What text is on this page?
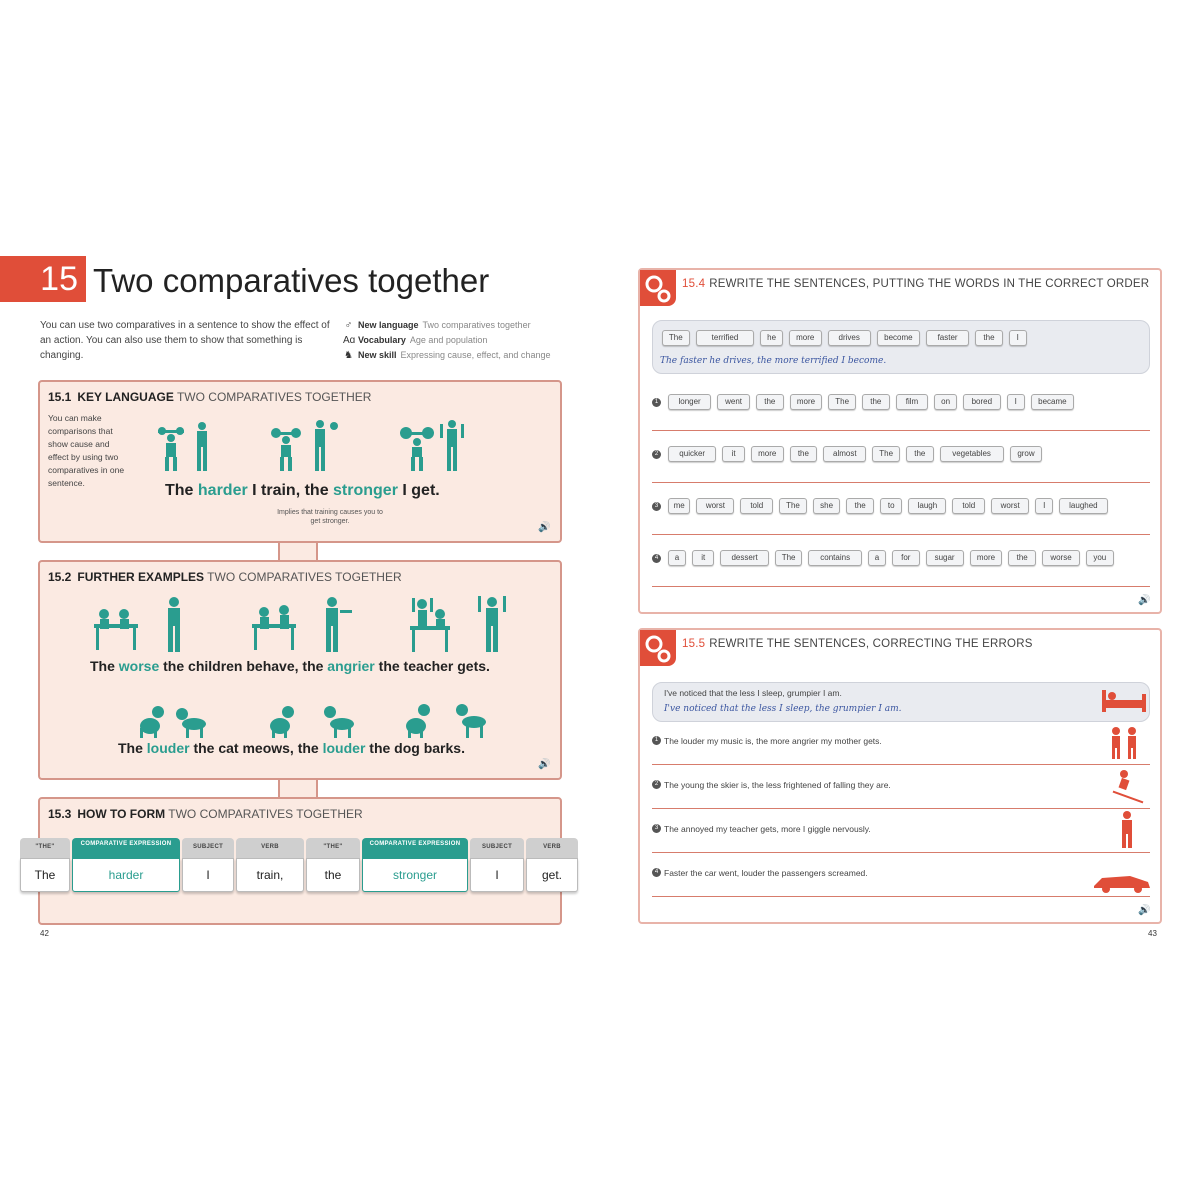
15 Two comparatives together
You can use two comparatives in a sentence to show the effect of an action. You can also use them to show that something is changing.
♂ New language Two comparatives together
Aɑ Vocabulary Age and population
♞ New skill Expressing cause, effect, and change
15.1 KEY LANGUAGE TWO COMPARATIVES TOGETHER
You can make comparisons that show cause and effect by using two comparatives in one sentence.	The harder I train, the stronger I get.
Implies that training causes you to get stronger.
🔊
15.2 FURTHER EXAMPLES TWO COMPARATIVES TOGETHER
The worse the children behave, the angrier the teacher gets.
The louder the cat meows, the louder the dog barks.
🔊
15.3 HOW TO FORM TWO COMPARATIVES TOGETHER
"THE"
The
COMPARATIVE EXPRESSION
harder
SUBJECT
I
VERB
train,
"THE"
the
COMPARATIVE EXPRESSION
stronger
SUBJECT
I
VERB
get.
42
15.4 REWRITE THE SENTENCES, PUTTING THE WORDS IN THE CORRECT ORDER
The faster he drives, the more terrified I become.
1
2
3
4
🔊
The	terrified	he	more	drives	become	faster	the	I
longer	went	the	more	The	the	film	on	bored	I	became
quicker	it	more	the	almost	The	the	vegetables	grow
me	worst	told	The	she	the	to	laugh	told	worst	I	laughed
a	it	dessert	The	contains	a	for	sugar	more	the	worse	you
15.5 REWRITE THE SENTENCES, CORRECTING THE ERRORS
I've noticed that the less I sleep, grumpier I am.
I've noticed that the less I sleep, the grumpier I am.
1 The louder my music is, the more angrier my mother gets.
2 The young the skier is, the less frightened of falling they are.
3 The annoyed my teacher gets, more I giggle nervously.
4 Faster the car went, louder the passengers screamed.
🔊
43
